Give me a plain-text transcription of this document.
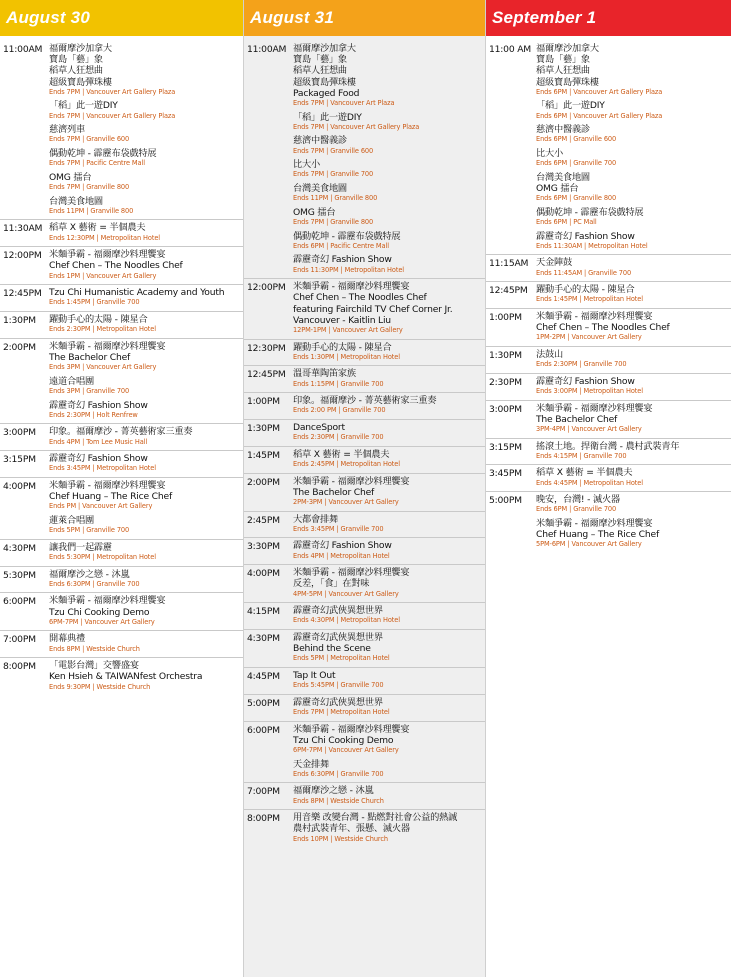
August 30
11:00AM 福爾摩沙加拿大
寶島「藝」象
稻草人狂想曲
超級寶島彈珠樓
Ends 7PM | Vancouver Art Gallery Plaza
「稻」此一遊DIY
Ends 7PM | Vancouver Art Gallery Plaza
慈濟列車
Ends 7PM | Granville 600
偶動乾坤 - 霹靂布袋戲特展
Ends 7PM | Pacific Centre Mall
OMG 擂台
Ends 7PM | Granville 800
台灣美食地圖
Ends 11PM | Granville 800
11:30AM 稻草 X 藝術 = 半個農夫
Ends 12:30PM | Metropolitan Hotel
12:00PM 米麵爭霸 - 福爾摩沙料理饗宴
Chef Chen – The Noodles Chef
Ends 1PM | Vancouver Art Gallery
12:45PM Tzu Chi Humanistic Academy and Youth
Ends 1:45PM | Granville 700
1:30PM	躍動手心的太陽 - 陳星合
Ends 2:30PM | Metropolitan Hotel
2:00PM	米麵爭霸 - 福爾摩沙料理饗宴
The Bachelor Chef
Ends 3PM | Vancouver Art Gallery
遠道合唱團
Ends 3PM | Granville 700
霹靂奇幻 Fashion Show
Ends 2:30PM | Holt Renfrew
3:00PM	印象。福爾摩沙 - 菁英藝術家三重奏
Ends 4PM | Tom Lee Music Hall
3:15PM	霹靂奇幻 Fashion Show
Ends 3:45PM | Metropolitan Hotel
4:00PM	米麵爭霸 - 福爾摩沙料理饗宴
Chef Huang – The Rice Chef
Ends PM | Vancouver Art Gallery
蓮萊合唱團
Ends 5PM | Granville 700
4:30PM	讓我們一起霹靂
Ends 5:30PM | Metropolitan Hotel
5:30PM	福爾摩沙之戀 - 沐嵐
Ends 6:30PM | Granville 700
6:00PM	米麵爭霸 - 福爾摩沙料理饗宴
Tzu Chi Cooking Demo
6PM-7PM | Vancouver Art Gallery
7:00PM	開幕典禮
Ends 8PM | Westside Church
8:00PM	「電影台灣」交響盛宴
Ken Hsieh & TAIWANfest Orchestra
Ends 9:30PM | Westside Church
August 31
11:00AM 福爾摩沙加拿大
寶島「藝」象
稻草人狂想曲
超級寶島彈珠樓
Packaged Food
Ends 7PM | Vancouver Art Plaza
「稻」此一遊DIY
Ends 7PM | Vancouver Art Gallery Plaza
慈濟中醫義診
Ends 7PM | Granville 600
比大小
Ends 7PM | Granville 700
台灣美食地圖
Ends 11PM | Granville 800
OMG 擂台
Ends 7PM | Granville 800
偶動乾坤 - 霹靂布袋戲特展
Ends 6PM | Pacific Centre Mall
霹靂奇幻 Fashion Show
Ends 11:30PM | Metropolitan Hotel
12:00PM 米麵爭霸 - 福爾摩沙料理饗宴
Chef Chen – The Noodles Chef
featuring Fairchild TV Chef Corner Jr.
Vancouver - Kaitlin Liu
12PM-1PM | Vancouver Art Gallery
12:30PM 躍動手心的太陽 - 陳星合
Ends 1:30PM | Metropolitan Hotel
12:45PM 溫哥華陶笛家族
Ends 1:15PM | Granville 700
1:00PM	印象。福爾摩沙 - 菁英藝術家三重奏
Ends 2:00 PM | Granville 700
1:30PM	DanceSport
Ends 2:30PM | Granville 700
1:45PM	稻草 X 藝術 = 半個農夫
Ends 2:45PM | Metropolitan Hotel
2:00PM	米麵爭霸 - 福爾摩沙料理饗宴
The Bachelor Chef
2PM-3PM | Vancouver Art Gallery
2:45PM	大都會排舞
Ends 3:45PM | Granville 700
3:30PM	霹靂奇幻 Fashion Show
Ends 4PM | Metropolitan Hotel
4:00PM	米麵爭霸 - 福爾摩沙料理饗宴
反差，「食」在對味
4PM-5PM | Vancouver Art Gallery
4:15PM	霹靂奇幻武俠異想世界
Ends 4:30PM | Metropolitan Hotel
4:30PM	霹靂奇幻武俠異想世界
Behind the Scene
Ends 5PM | Metropolitan Hotel
4:45PM	Tap It Out
Ends 5:45PM | Granville 700
5:00PM	霹靂奇幻武俠異想世界
Ends 7PM | Metropolitan Hotel
6:00PM	米麵爭霸 - 福爾摩沙料理饗宴
Tzu Chi Cooking Demo
6PM-7PM | Vancouver Art Gallery
天金排舞
Ends 6:30PM | Granville 700
7:00PM	福爾摩沙之戀 - 沐嵐
Ends 8PM | Westside Church
8:00PM	用音樂 改變台灣 - 點燃對社會公益的熱誠
農村武裝青年、張懸、滅火器
Ends 10PM | Westside Church
September 1
11:00 AM 福爾摩沙加拿大
寶島「藝」象
稻草人狂想曲
超級寶島彈珠樓
Ends 6PM | Vancouver Art Gallery Plaza
「稻」此一遊DIY
Ends 6PM | Vancouver Art Gallery Plaza
慈濟中醫義診
Ends 6PM | Granville 600
比大小
Ends 6PM | Granville 700
台灣美食地圖
OMG 擂台
Ends 6PM | Granville 800
偶動乾坤 - 霹靂布袋戲特展
Ends 6PM | PC Mall
霹靂奇幻 Fashion Show
Ends 11:30AM | Metropolitan Hotel
11:15AM 天金陣鼓
Ends 11:45AM | Granville 700
12:45PM 躍動手心的太陽 - 陳星合
Ends 1:45PM | Metropolitan Hotel
1:00PM	米麵爭霸 - 福爾摩沙料理饗宴
Chef Chen – The Noodles Chef
1PM-2PM | Vancouver Art Gallery
1:30PM	法鼓山
Ends 2:30PM | Granville 700
2:30PM	霹靂奇幻 Fashion Show
Ends 3:00PM | Metropolitan Hotel
3:00PM	米麵爭霸 - 福爾摩沙料理饗宴
The Bachelor Chef
3PM-4PM | Vancouver Art Gallery
3:15PM	搖滾土地。捍衛台灣 - 農村武裝青年
Ends 4:15PM | Granville 700
3:45PM	稻草 X 藝術 = 半個農夫
Ends 4:45PM | Metropolitan Hotel
5:00PM	晚安，台灣! - 滅火器
Ends 6PM | Granville 700
米麵爭霸 - 福爾摩沙料理饗宴
Chef Huang – The Rice Chef
5PM-6PM | Vancouver Art Gallery
